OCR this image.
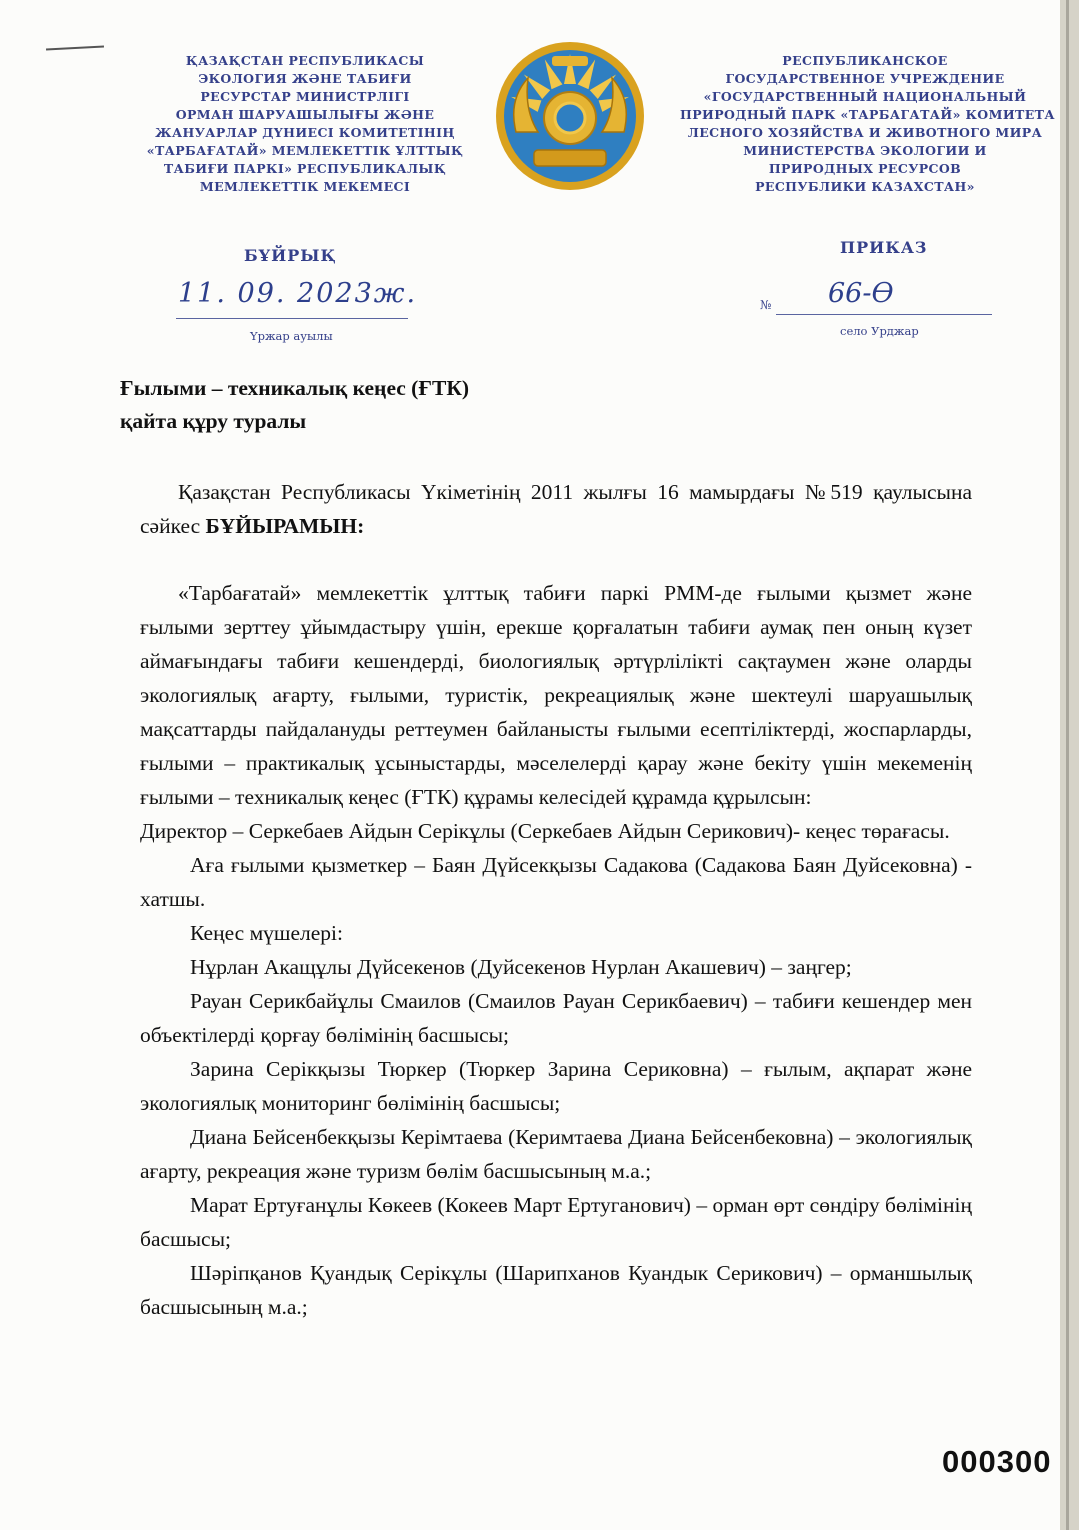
ҚАЗАҚСТАН РЕСПУБЛИКАСЫ
ЭКОЛОГИЯ ЖӘНЕ ТАБИҒИ
РЕСУРСТАР МИНИСТРЛІГІ
ОРМАН ШАРУАШЫЛЫҒЫ ЖӘНЕ
ЖАНУАРЛАР ДҮНИЕСІ КОМИТЕТІНІҢ
«ТАРБАҒАТАЙ» МЕМЛЕКЕТТІК ҰЛТТЫҚ
ТАБИҒИ ПАРКІ» РЕСПУБЛИКАЛЫҚ
МЕМЛЕКЕТТІК МЕКЕМЕСІ
РЕСПУБЛИКАНСКОЕ
ГОСУДАРСТВЕННОЕ УЧРЕЖДЕНИЕ
«ГОСУДАРСТВЕННЫЙ НАЦИОНАЛЬНЫЙ
ПРИРОДНЫЙ ПАРК «ТАРБАГАТАЙ» КОМИТЕТА
ЛЕСНОГО ХОЗЯЙСТВА И ЖИВОТНОГО МИРА
МИНИСТЕРСТВА ЭКОЛОГИИ И
ПРИРОДНЫХ РЕСУРСОВ
РЕСПУБЛИКИ КАЗАХСТАН»
БҰЙРЫҚ	ПРИКАЗ
11. 09. 2023ж.
Үржар ауылы
№ 66-Ө
село Урджар
Ғылыми – техникалық кеңес (ҒТК)
қайта құру туралы
Қазақстан Республикасы Үкіметінің 2011 жылғы 16 мамырдағы №519 қаулысына сәйкес БҰЙЫРАМЫН:
«Тарбағатай» мемлекеттік ұлттық табиғи паркі РММ-де ғылыми қызмет және ғылыми зерттеу ұйымдастыру үшін, ерекше қорғалатын табиғи аумақ пен оның күзет аймағындағы табиғи кешендерді, биологиялық әртүрлілікті сақтаумен және оларды экологиялық ағарту, ғылыми, туристік, рекреациялық және шектеулі шаруашылық мақсаттарды пайдалануды реттеумен байланысты ғылыми есептіліктерді, жоспарларды, ғылыми – практикалық ұсыныстарды, мәселелерді қарау және бекіту үшін мекеменің ғылыми – техникалық кеңес (ҒТК) құрамы келесідей құрамда құрылсын:
Директор – Серкебаев Айдын Серікұлы (Серкебаев Айдын Серикович)- кеңес төрағасы.
Аға ғылыми қызметкер – Баян Дүйсекқызы Садакова (Садакова Баян Дуйсековна) - хатшы.
Кеңес мүшелері:
Нұрлан Акащұлы Дүйсекенов (Дуйсекенов Нурлан Акашевич) – заңгер;
Рауан Серикбайұлы Смаилов (Смаилов Рауан Серикбаевич) – табиғи кешендер мен объектілерді қорғау бөлімінің басшысы;
Зарина Серікқызы Тюркер (Тюркер Зарина Сериковна) – ғылым, ақпарат және экологиялық мониторинг бөлімінің басшысы;
Диана Бейсенбекқызы Керімтаева (Керимтаева Диана Бейсенбековна) – экологиялық ағарту, рекреация және туризм бөлім басшысының м.а.;
Марат Ертуғанұлы Көкеев (Кокеев Март Ертуганович) – орман өрт сөндіру бөлімінің басшысы;
Шәріпқанов Қуандық Серікұлы (Шарипханов Куандык Серикович) – орманшылық басшысының м.а.;
000300
